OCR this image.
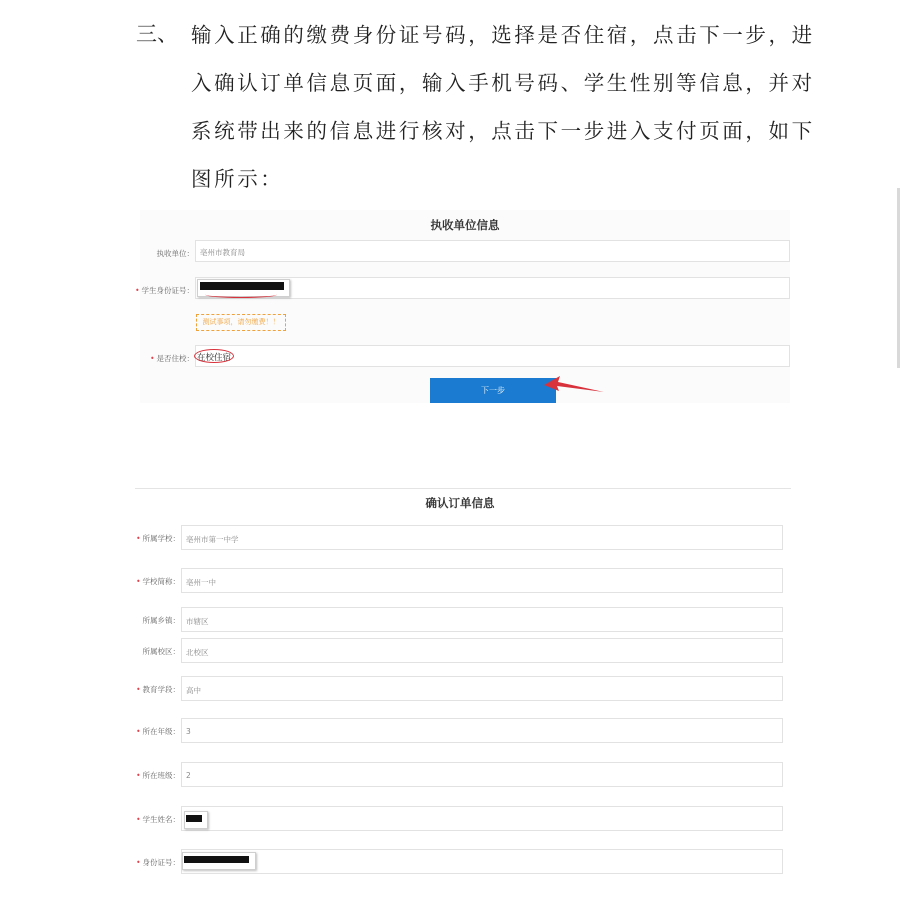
三、 输入正确的缴费身份证号码，选择是否住宿，点击下一步，进
入确认订单信息页面，输入手机号码、学生性别等信息，并对
系统带出来的信息进行核对，点击下一步进入支付页面，如下
图所示：
执收单位信息
执收单位： 亳州市教育局
• 学生身份证号：
测试事项，请勿缴费！！
• 是否住校： 在校住宿
下一步
确认订单信息
• 所属学校： 亳州市第一中学
• 学校简称： 亳州一中
所属乡镇： 市辖区
所属校区： 北校区
• 教育学段： 高中
• 所在年级： 3
• 所在班级： 2
• 学生姓名：
• 身份证号：
